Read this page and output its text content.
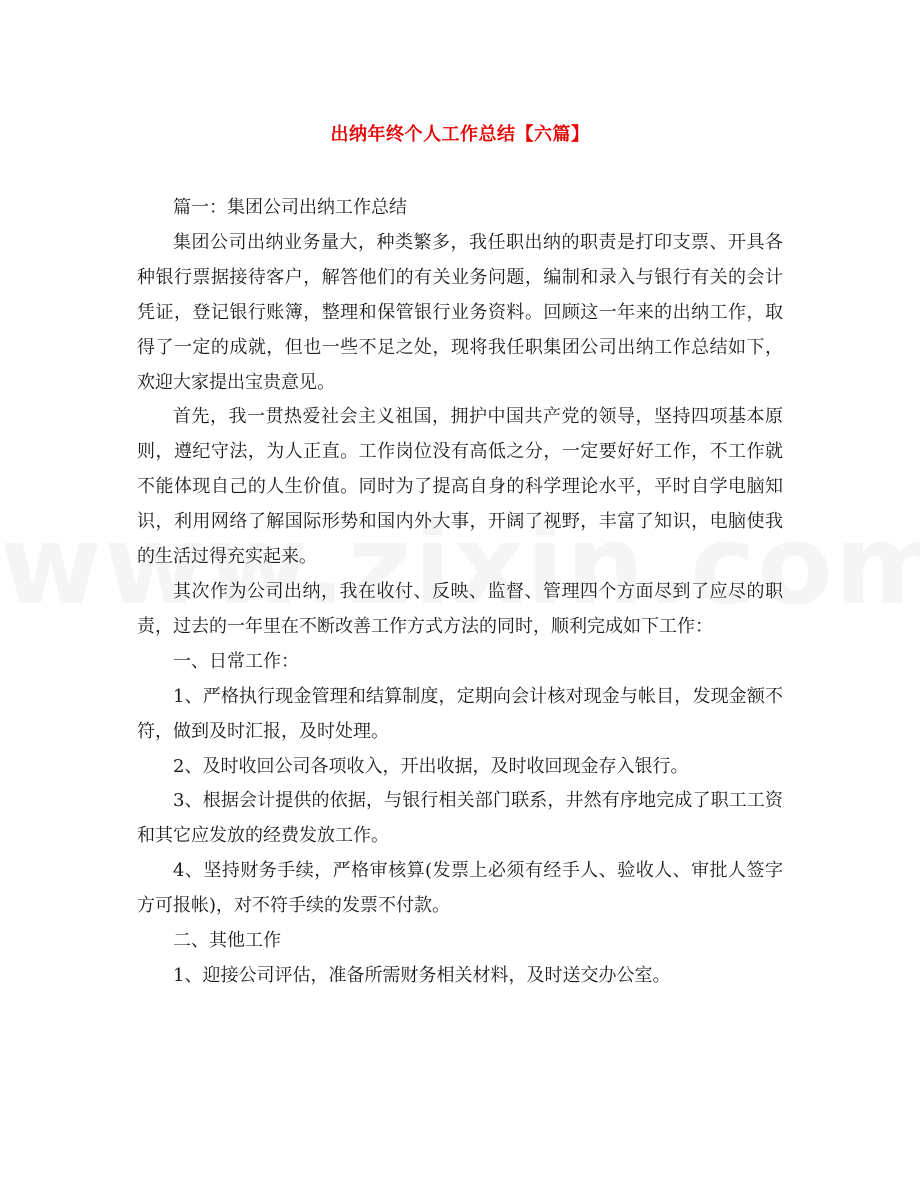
出纳年终个人工作总结【六篇】

篇一：集团公司出纳工作总结

集团公司出纳业务量大，种类繁多，我任职出纳的职责是打印支票、开具各种银行票据接待客户，解答他们的有关业务问题，编制和录入与银行有关的会计凭证，登记银行账簿，整理和保管银行业务资料。回顾这一年来的出纳工作，取得了一定的成就，但也一些不足之处，现将我任职集团公司出纳工作总结如下，欢迎大家提出宝贵意见。

首先，我一贯热爱社会主义祖国，拥护中国共产党的领导，坚持四项基本原则，遵纪守法，为人正直。工作岗位没有高低之分，一定要好好工作，不工作就不能体现自己的人生价值。同时为了提高自身的科学理论水平，平时自学电脑知识，利用网络了解国际形势和国内外大事，开阔了视野，丰富了知识，电脑使我的生活过得充实起来。

其次作为公司出纳，我在收付、反映、监督、管理四个方面尽到了应尽的职责，过去的一年里在不断改善工作方式方法的同时，顺利完成如下工作：

一、日常工作：

1、严格执行现金管理和结算制度，定期向会计核对现金与帐目，发现金额不符，做到及时汇报，及时处理。

2、及时收回公司各项收入，开出收据，及时收回现金存入银行。

3、根据会计提供的依据，与银行相关部门联系，井然有序地完成了职工工资和其它应发放的经费发放工作。

4、坚持财务手续，严格审核算(发票上必须有经手人、验收人、审批人签字方可报帐)，对不符手续的发票不付款。

二、其他工作

1、迎接公司评估，准备所需财务相关材料，及时送交办公室。
